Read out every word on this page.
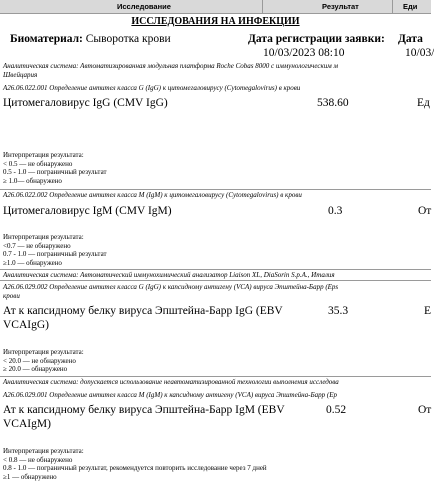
Исследование	Результат	Еди
ИССЛЕДОВАНИЯ НА ИНФЕКЦИИ
Биоматериал: Сыворотка крови	Дата регистрации заявки:
10/03/2023 08:10
Дата
10/03/
Аналитическая система: Автоматизированная модульная платформа Roche Cobas 8000 с иммунологическим м
Швейцария
A26.06.022.001 Определение антител класса G (IgG) к цитомегаловирусу (Cytomegalovirus) в крови
Цитомегаловирус IgG (CMV IgG)	538.60	Ед
Интерпретация результата:
< 0.5 — не обнаружено
0.5 - 1.0 — пограничный результат
≥ 1.0— обнаружено
A26.06.022.002 Определение антител класса M (IgM) к цитомегаловирусу (Cytomegalovirus) в крови
Цитомегаловирус IgM (CMV IgM)	0.3	От
Интерпретация результата:
<0.7 — не обнаружено
0.7 - 1.0 — пограничный результат
≥1.0 — обнаружено
Аналитическая система: Автоматический иммунохимический анализатор Liaison XL, DiaSorin S.p.A., Италия
A26.06.029.002 Определение антител класса G (IgG) к капсидному антигену (VCA) вируса Эпштейна-Барр (Eps
крови
Ат к капсидному белку вируса Эпштейна-Барр IgG (EBV
VCAIgG)
35.3	Е
Интерпретация результата:
< 20.0 — не обнаружено
≥ 20.0 — обнаружено
Аналитическая система: допускается использование неавтоматизированной технологии выполнения исследова
A26.06.029.001 Определение антител класса M (IgM) к капсидному антигену (VCA) вируса Эпштейна-Барр (Ep
Ат к капсидному белку вируса Эпштейна-Барр IgM (EBV
VCAIgM)
0.52	От
Интерпретация результата:
< 0.8 — не обнаружено
0.8 - 1.0 — пограничный результат, рекомендуется повторить исследование через 7 дней
≥1 — обнаружено
